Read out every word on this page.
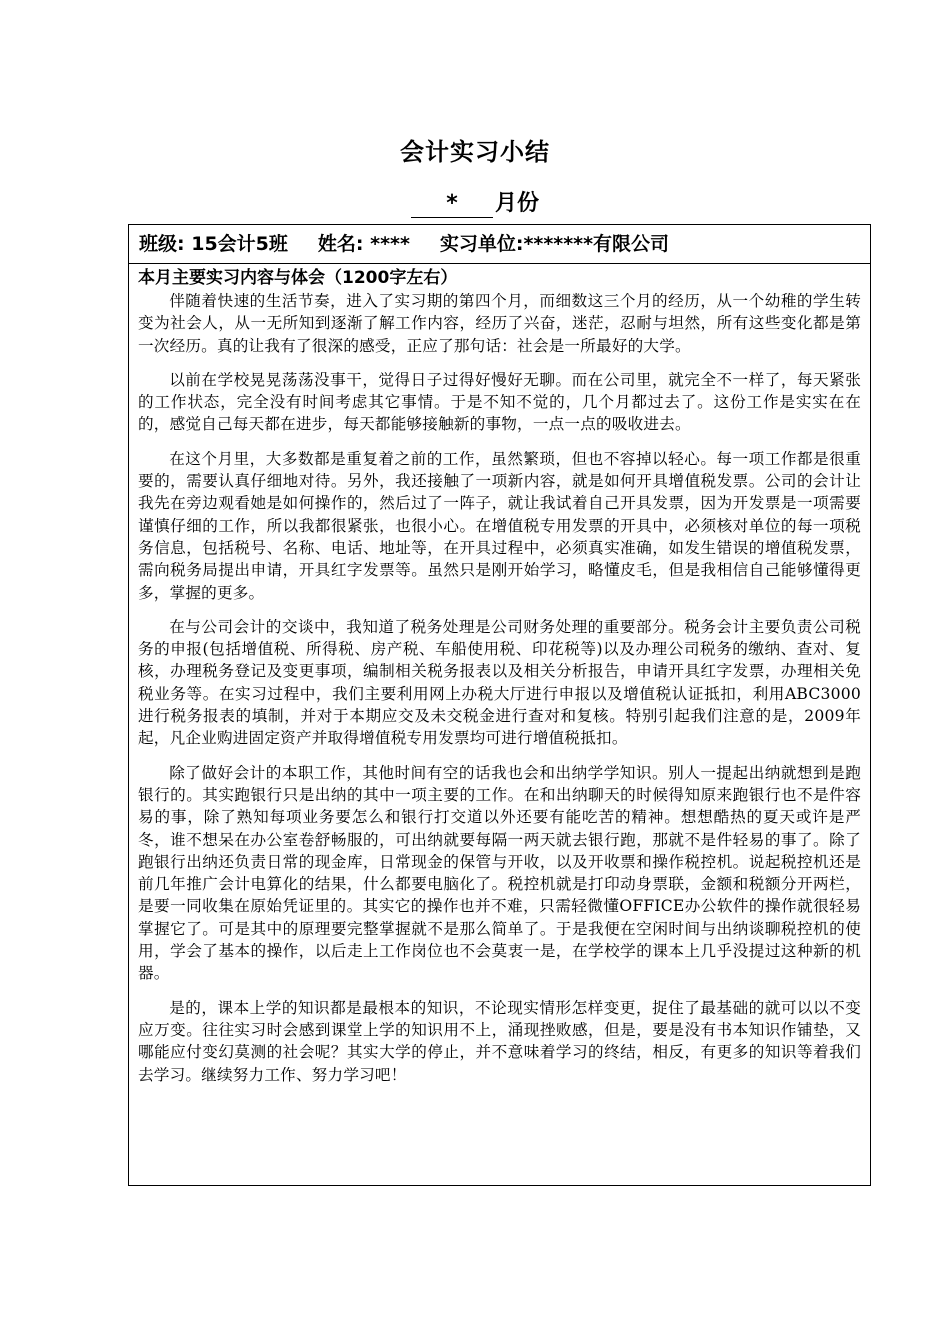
会计实习小结
* 月份
班级: 15会计5班 姓名: **** 实习单位:*******有限公司

本月主要实习内容与体会（1200字左右）

伴随着快速的生活节奏，进入了实习期的第四个月，而细数这三个月的经历，从一个幼稚的学生转变为社会人，从一无所知到逐渐了解工作内容，经历了兴奋，迷茫，忍耐与坦然，所有这些变化都是第一次经历。真的让我有了很深的感受，正应了那句话：社会是一所最好的大学。

以前在学校晃晃荡荡没事干，觉得日子过得好慢好无聊。而在公司里，就完全不一样了，每天紧张的工作状态，完全没有时间考虑其它事情。于是不知不觉的，几个月都过去了。这份工作是实实在在的，感觉自己每天都在进步，每天都能够接触新的事物，一点一点的吸收进去。

在这个月里，大多数都是重复着之前的工作，虽然繁琐，但也不容掉以轻心。每一项工作都是很重要的，需要认真仔细地对待。另外，我还接触了一项新内容，就是如何开具增值税发票。公司的会计让我先在旁边观看她是如何操作的，然后过了一阵子，就让我试着自己开具发票，因为开发票是一项需要谨慎仔细的工作，所以我都很紧张，也很小心。在增值税专用发票的开具中，必须核对单位的每一项税务信息，包括税号、名称、电话、地址等，在开具过程中，必须真实准确，如发生错误的增值税发票，需向税务局提出申请，开具红字发票等。虽然只是刚开始学习，略懂皮毛，但是我相信自己能够懂得更多，掌握的更多。

在与公司会计的交谈中，我知道了税务处理是公司财务处理的重要部分。税务会计主要负责公司税务的申报(包括增值税、所得税、房产税、车船使用税、印花税等)以及办理公司税务的缴纳、查对、复核，办理税务登记及变更事项，编制相关税务报表以及相关分析报告，申请开具红字发票，办理相关免税业务等。在实习过程中，我们主要利用网上办税大厅进行申报以及增值税认证抵扣，利用ABC3000进行税务报表的填制，并对于本期应交及未交税金进行查对和复核。特别引起我们注意的是，2009年起，凡企业购进固定资产并取得增值税专用发票均可进行增值税抵扣。

除了做好会计的本职工作，其他时间有空的话我也会和出纳学学知识。别人一提起出纳就想到是跑银行的。其实跑银行只是出纳的其中一项主要的工作。在和出纳聊天的时候得知原来跑银行也不是件容易的事，除了熟知每项业务要怎么和银行打交道以外还要有能吃苦的精神。想想酷热的夏天或许是严冬，谁不想呆在办公室卷舒畅服的，可出纳就要每隔一两天就去银行跑，那就不是件轻易的事了。除了跑银行出纳还负责日常的现金库，日常现金的保管与开收，以及开收票和操作税控机。说起税控机还是前几年推广会计电算化的结果，什么都要电脑化了。税控机就是打印动身票联，金额和税额分开两栏，是要一同收集在原始凭证里的。其实它的操作也并不难，只需轻微懂OFFICE办公软件的操作就很轻易掌握它了。可是其中的原理要完整掌握就不是那么简单了。于是我便在空闲时间与出纳谈聊税控机的使用，学会了基本的操作，以后走上工作岗位也不会莫衷一是，在学校学的课本上几乎没提过这种新的机器。

是的，课本上学的知识都是最根本的知识，不论现实情形怎样变更，捉住了最基础的就可以以不变应万变。往往实习时会感到课堂上学的知识用不上，涌现挫败感，但是，要是没有书本知识作铺垫，又哪能应付变幻莫测的社会呢？其实大学的停止，并不意味着学习的终结，相反，有更多的知识等着我们去学习。继续努力工作、努力学习吧！
